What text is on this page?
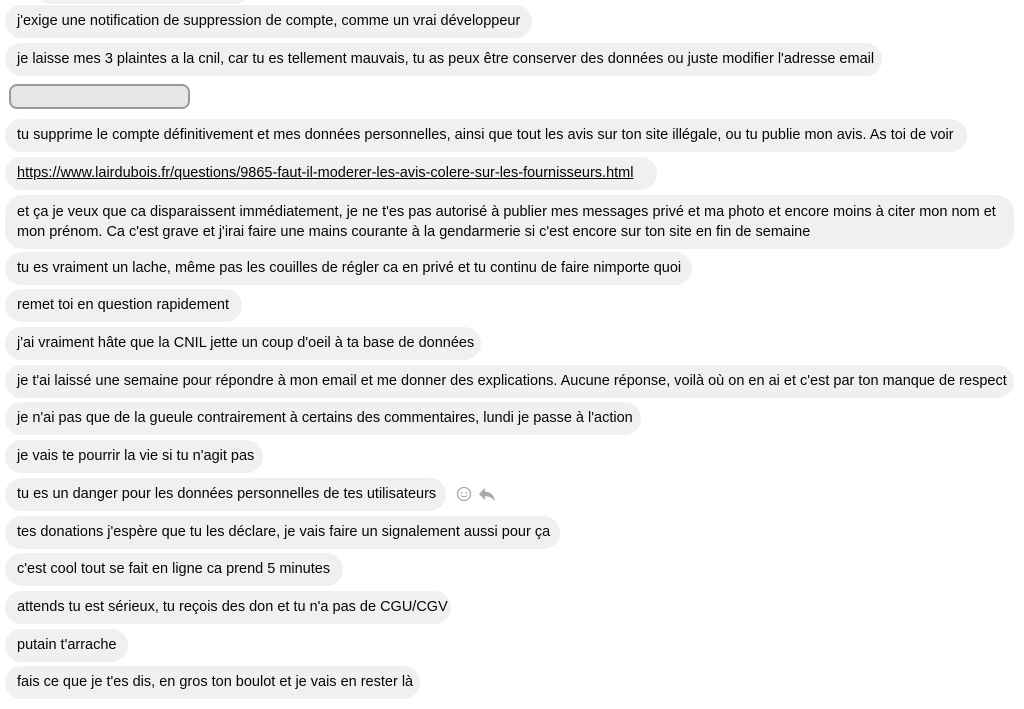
j'exige une notification de suppression de compte, comme un vrai développeur
je laisse mes 3 plaintes a la cnil, car tu es tellement mauvais, tu as peux être conserver des données ou juste modifier l'adresse email
tu supprime le compte définitivement et mes données personnelles, ainsi que tout les avis sur ton site illégale, ou tu publie mon avis. As toi de voir
https://www.lairdubois.fr/questions/9865-faut-il-moderer-les-avis-colere-sur-les-fournisseurs.html
et ça je veux que ca disparaissent immédiatement, je ne t'es pas autorisé à publier mes messages privé et ma photo et encore moins à citer mon nom et mon prénom. Ca c'est grave et j'irai faire une mains courante à la gendarmerie si c'est encore sur ton site en fin de semaine
tu es vraiment un lache, même pas les couilles de régler ca en privé et tu continu de faire nimporte quoi
remet toi en question rapidement
j'ai vraiment hâte que la CNIL jette un coup d'oeil à ta base de données
je t'ai laissé une semaine pour répondre à mon email et me donner des explications. Aucune réponse, voilà où on en ai et c'est par ton manque de respect
je n'ai pas que de la gueule contrairement à certains des commentaires, lundi je passe à l'action
je vais te pourrir la vie si tu n'agit pas
tu es un danger pour les données personnelles de tes utilisateurs
tes donations j'espère que tu les déclare, je vais faire un signalement aussi pour ça
c'est cool tout se fait en ligne ca prend 5 minutes
attends tu est sérieux, tu reçois des don et tu n'a pas de CGU/CGV
putain t'arrache
fais ce que je t'es dis, en gros ton boulot et je vais en rester là
